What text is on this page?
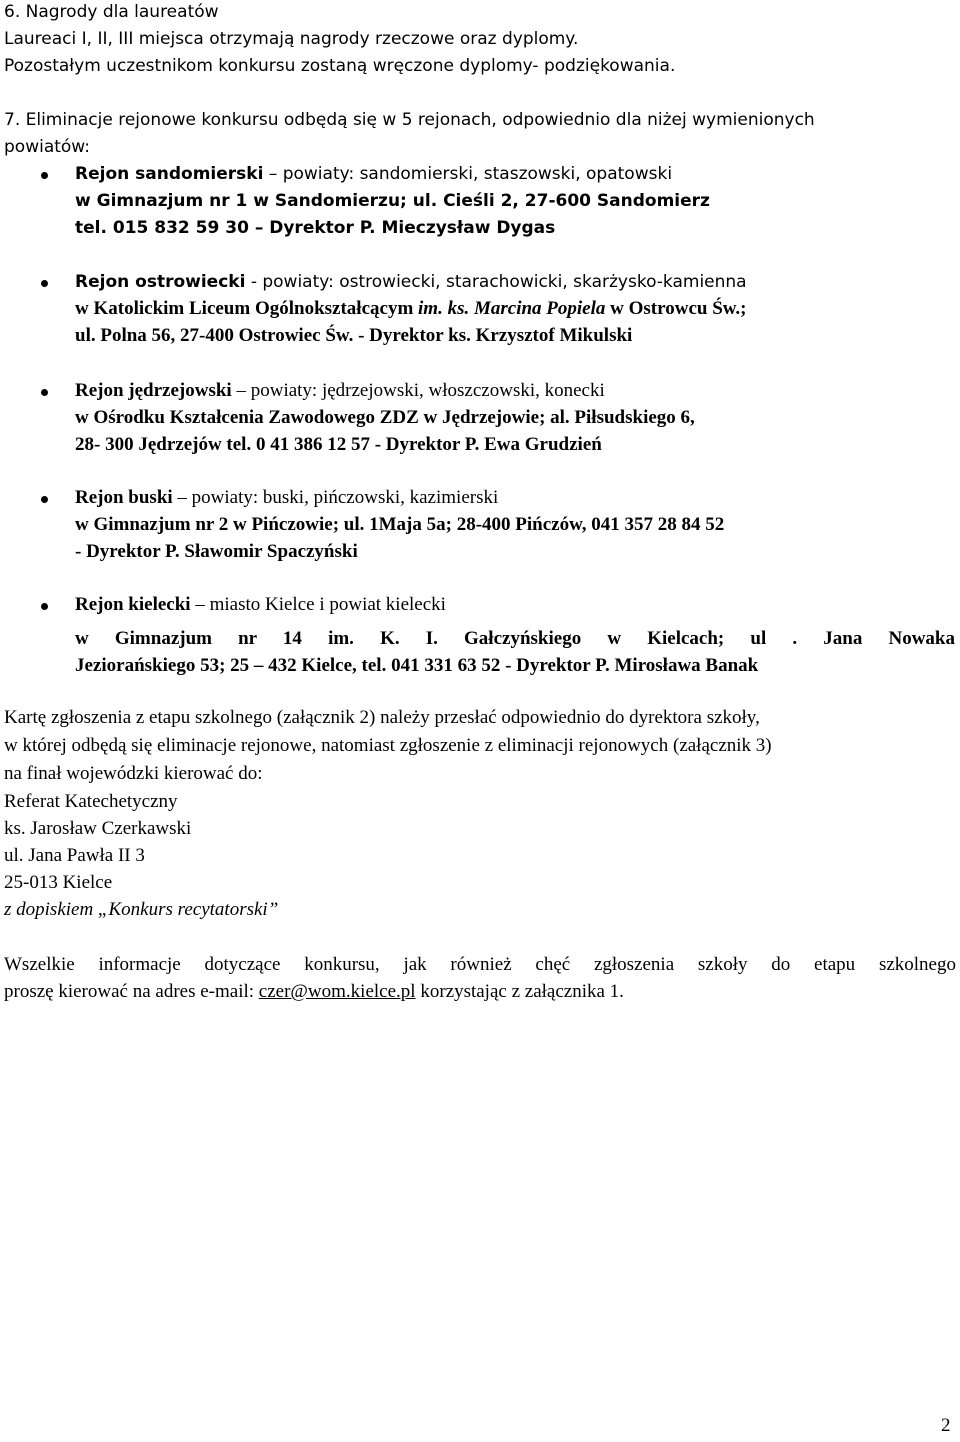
6. Nagrody dla laureatów
Laureaci I, II, III miejsca otrzymają nagrody rzeczowe oraz dyplomy.
Pozostałym uczestnikom konkursu zostaną wręczone dyplomy- podziękowania.
7. Eliminacje rejonowe konkursu odbędą się w 5 rejonach, odpowiednio dla niżej wymienionych
powiatów:
Rejon sandomierski – powiaty: sandomierski, staszowski, opatowski
w Gimnazjum nr 1 w Sandomierzu; ul. Cieśli 2, 27-600 Sandomierz
tel. 015 832 59 30 – Dyrektor P. Mieczysław Dygas
Rejon ostrowiecki - powiaty: ostrowiecki, starachowicki, skarżysko-kamienna
w Katolickim Liceum Ogólnokształcącym im. ks. Marcina Popiela w Ostrowcu Św.;
ul. Polna 56, 27-400 Ostrowiec Św. - Dyrektor ks. Krzysztof Mikulski
Rejon jędrzejowski – powiaty: jędrzejowski, włoszczowski, konecki
w Ośrodku Kształcenia Zawodowego ZDZ w Jędrzejowie; al. Piłsudskiego 6,
28- 300 Jędrzejów tel. 0 41 386 12 57 - Dyrektor P. Ewa Grudzień
Rejon buski – powiaty: buski, pińczowski, kazimierski
w Gimnazjum nr 2 w Pińczowie; ul. 1Maja 5a; 28-400 Pińczów, 041 357 28 84 52
- Dyrektor P. Sławomir Spaczyński
Rejon kielecki – miasto Kielce i powiat kielecki
w Gimnazjum nr 14 im. K. I. Gałczyńskiego w Kielcach; ul . Jana Nowaka
Jeziorańskiego 53; 25 – 432 Kielce, tel. 041 331 63 52 - Dyrektor P. Mirosława Banak
Kartę zgłoszenia z etapu szkolnego (załącznik 2) należy przesłać odpowiednio do dyrektora szkoły,
w której odbędą się eliminacje rejonowe, natomiast zgłoszenie z eliminacji rejonowych (załącznik 3)
na finał wojewódzki kierować do:
Referat Katechetyczny
ks. Jarosław Czerkawski
ul. Jana Pawła II 3
25-013 Kielce
z dopiskiem „Konkurs recytatorski”
Wszelkie informacje dotyczące konkursu, jak również chęć zgłoszenia szkoły do etapu szkolnego
proszę kierować na adres e-mail: czer@wom.kielce.pl korzystając z załącznika 1.
2
